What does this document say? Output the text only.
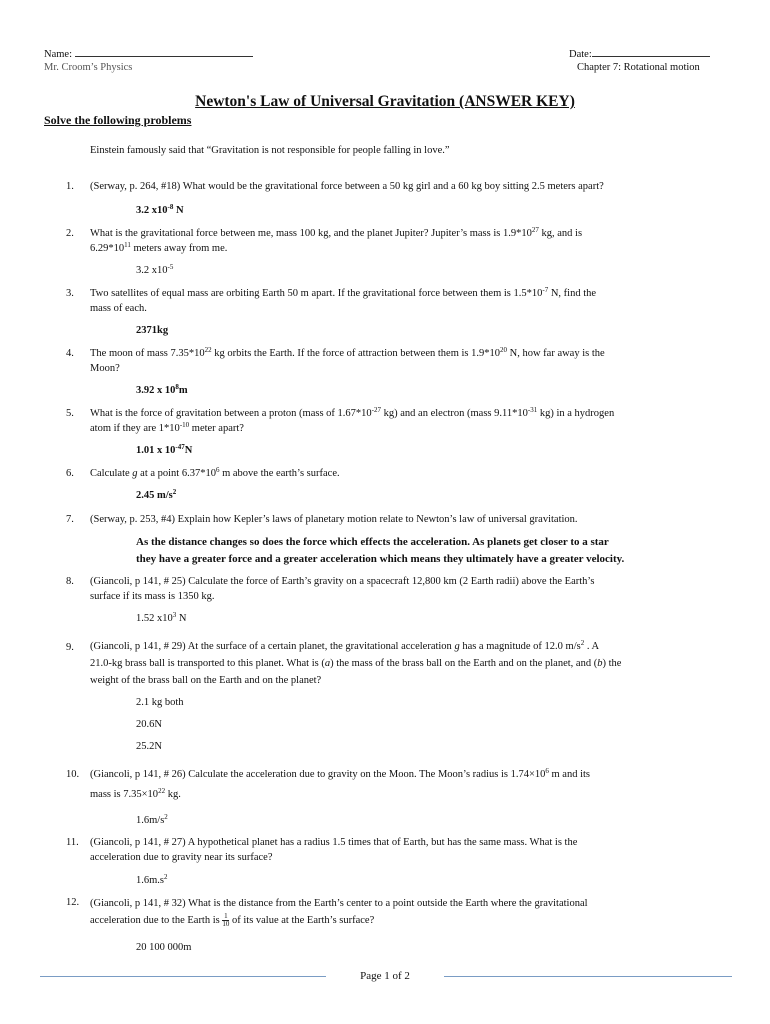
Name:
Mr. Croom’s Physics
Date:
Chapter 7: Rotational motion
Newton's Law of Universal Gravitation (ANSWER KEY)
Solve the following problems
Einstein famously said that “Gravitation is not responsible for people falling in love.”
1. (Serway, p. 264, #18) What would be the gravitational force between a 50 kg girl and a 60 kg boy sitting 2.5 meters apart?
3.2 $x10^{-8}$ N
2. What is the gravitational force between me, mass 100 kg, and the planet Jupiter? Jupiter’s mass is $1.9*10^{27}$ kg, and is
$6.29*10^{11}$ meters away from me.
3.2 $x10^{-5}$
3. Two satellites of equal mass are orbiting Earth 50 m apart. If the gravitational force between them is $1.5*10^{-7}$ N, find the
mass of each.
2371kg
4. The moon of mass $7.35*10^{22}$ kg orbits the Earth. If the force of attraction between them is $1.9*10^{20}$ N, how far away is the
Moon?
3.92 x $10^8m$
5. What is the force of gravitation between a proton (mass of $1.67*10^{-27}$ kg) and an electron (mass $9.11*10^{-31}$ kg) in a hydrogen
atom if they are $1*10^{-10}$ meter apart?
1.01 x $10^{-47}N$
6. Calculate g at a point $6.37*10^6$ m above the earth’s surface.
2.45 $m/s^2$
7. (Serway, p. 253, #4) Explain how Kepler’s laws of planetary motion relate to Newton’s law of universal gravitation.
As the distance changes so does the force which effects the acceleration. As planets get closer to a star
they have a greater force and a greater acceleration which means they ultimately have a greater velocity.
8. (Giancoli, p 141, # 25) Calculate the force of Earth’s gravity on a spacecraft 12,800 km (2 Earth radii) above the Earth’s
surface if its mass is 1350 kg.
1.52 $x10^3$ N
9. (Giancoli, p 141, # 29) At the surface of a certain planet, the gravitational acceleration g has a magnitude of 12.0 $m/s^2$ . A
21.0-kg brass ball is transported to this planet. What is (a) the mass of the brass ball on the Earth and on the planet, and (b) the
weight of the brass ball on the Earth and on the planet?
2.1 kg both
20.6N
25.2N
10. (Giancoli, p 141, # 26) Calculate the acceleration due to gravity on the Moon. The Moon’s radius is $1.74\times 10^6$ m and its
mass is $7.35\times 10^{22}$ kg.
$1.6m/s^2$
11. (Giancoli, p 141, # 27) A hypothetical planet has a radius 1.5 times that of Earth, but has the same mass. What is the
acceleration due to gravity near its surface?
$1.6m.s^2$
12. (Giancoli, p 141, # 32) What is the distance from the Earth’s center to a point outside the Earth where the gravitational
acceleration due to the Earth is $\frac{1}{10}$ of its value at the Earth’s surface?
20 100 000m
Page 1 of 2
